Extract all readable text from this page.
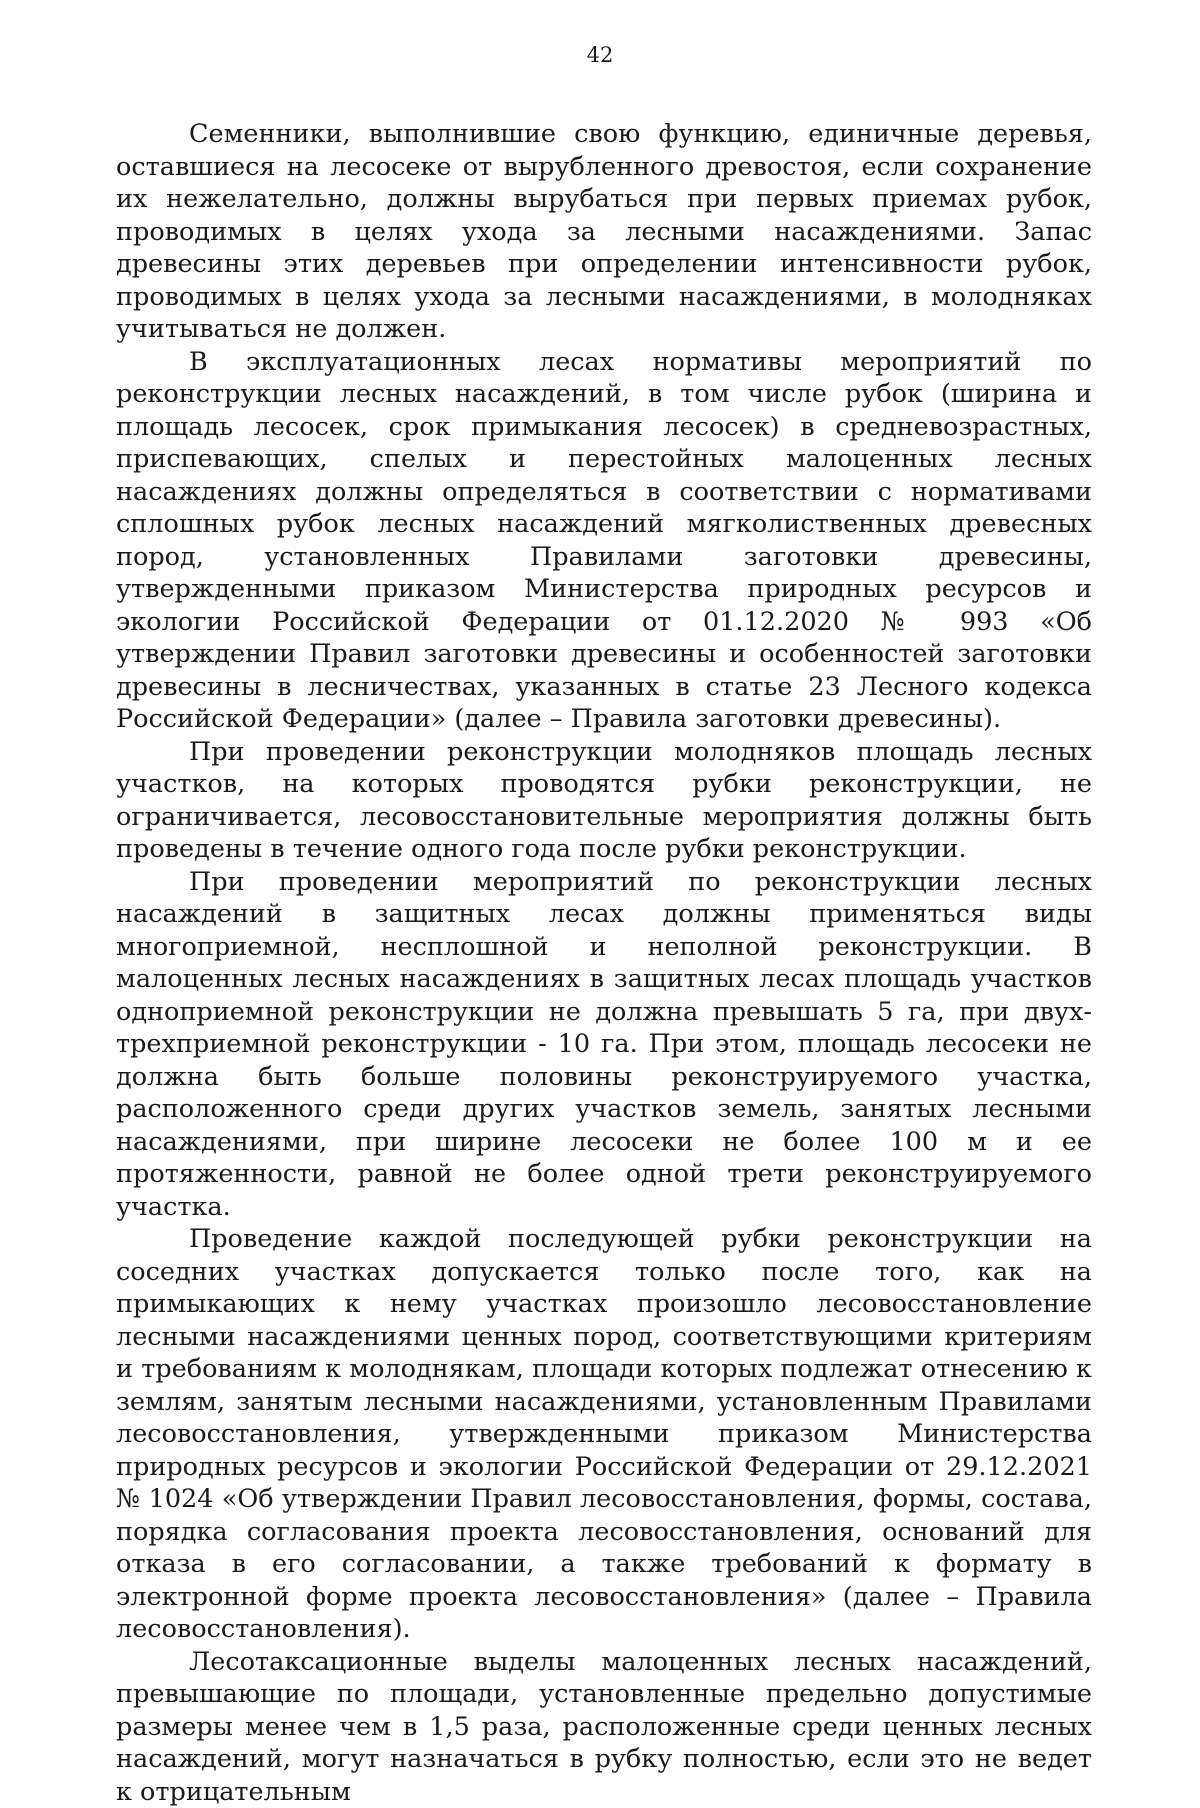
42

Семенники, выполнившие свою функцию, единичные деревья, оставшиеся на лесосеке от вырубленного древостоя, если сохранение их нежелательно, должны вырубаться при первых приемах рубок, проводимых в целях ухода за лесными насаждениями. Запас древесины этих деревьев при определении интенсивности рубок, проводимых в целях ухода за лесными насаждениями, в молодняках учитываться не должен.

В эксплуатационных лесах нормативы мероприятий по реконструкции лесных насаждений, в том числе рубок (ширина и площадь лесосек, срок примыкания лесосек) в средневозрастных, приспевающих, спелых и перестойных малоценных лесных насаждениях должны определяться в соответствии с нормативами сплошных рубок лесных насаждений мягколиственных древесных пород, установленных Правилами заготовки древесины, утвержденными приказом Министерства природных ресурсов и экологии Российской Федерации от 01.12.2020 № 993 «Об утверждении Правил заготовки древесины и особенностей заготовки древесины в лесничествах, указанных в статье 23 Лесного кодекса Российской Федерации» (далее – Правила заготовки древесины).

При проведении реконструкции молодняков площадь лесных участков, на которых проводятся рубки реконструкции, не ограничивается, лесовосстановительные мероприятия должны быть проведены в течение одного года после рубки реконструкции.

При проведении мероприятий по реконструкции лесных насаждений в защитных лесах должны применяться виды многоприемной, несплошной и неполной реконструкции. В малоценных лесных насаждениях в защитных лесах площадь участков одноприемной реконструкции не должна превышать 5 га, при двух-трехприемной реконструкции - 10 га. При этом, площадь лесосеки не должна быть больше половины реконструируемого участка, расположенного среди других участков земель, занятых лесными насаждениями, при ширине лесосеки не более 100 м и ее протяженности, равной не более одной трети реконструируемого участка.

Проведение каждой последующей рубки реконструкции на соседних участках допускается только после того, как на примыкающих к нему участках произошло лесовосстановление лесными насаждениями ценных пород, соответствующими критериям и требованиям к молоднякам, площади которых подлежат отнесению к землям, занятым лесными насаждениями, установленным Правилами лесовосстановления, утвержденными приказом Министерства природных ресурсов и экологии Российской Федерации от 29.12.2021 № 1024 «Об утверждении Правил лесовосстановления, формы, состава, порядка согласования проекта лесовосстановления, оснований для отказа в его согласовании, а также требований к формату в электронной форме проекта лесовосстановления» (далее – Правила лесовосстановления).

Лесотаксационные выделы малоценных лесных насаждений, превышающие по площади, установленные предельно допустимые размеры менее чем в 1,5 раза, расположенные среди ценных лесных насаждений, могут назначаться в рубку полностью, если это не ведет к отрицательным
